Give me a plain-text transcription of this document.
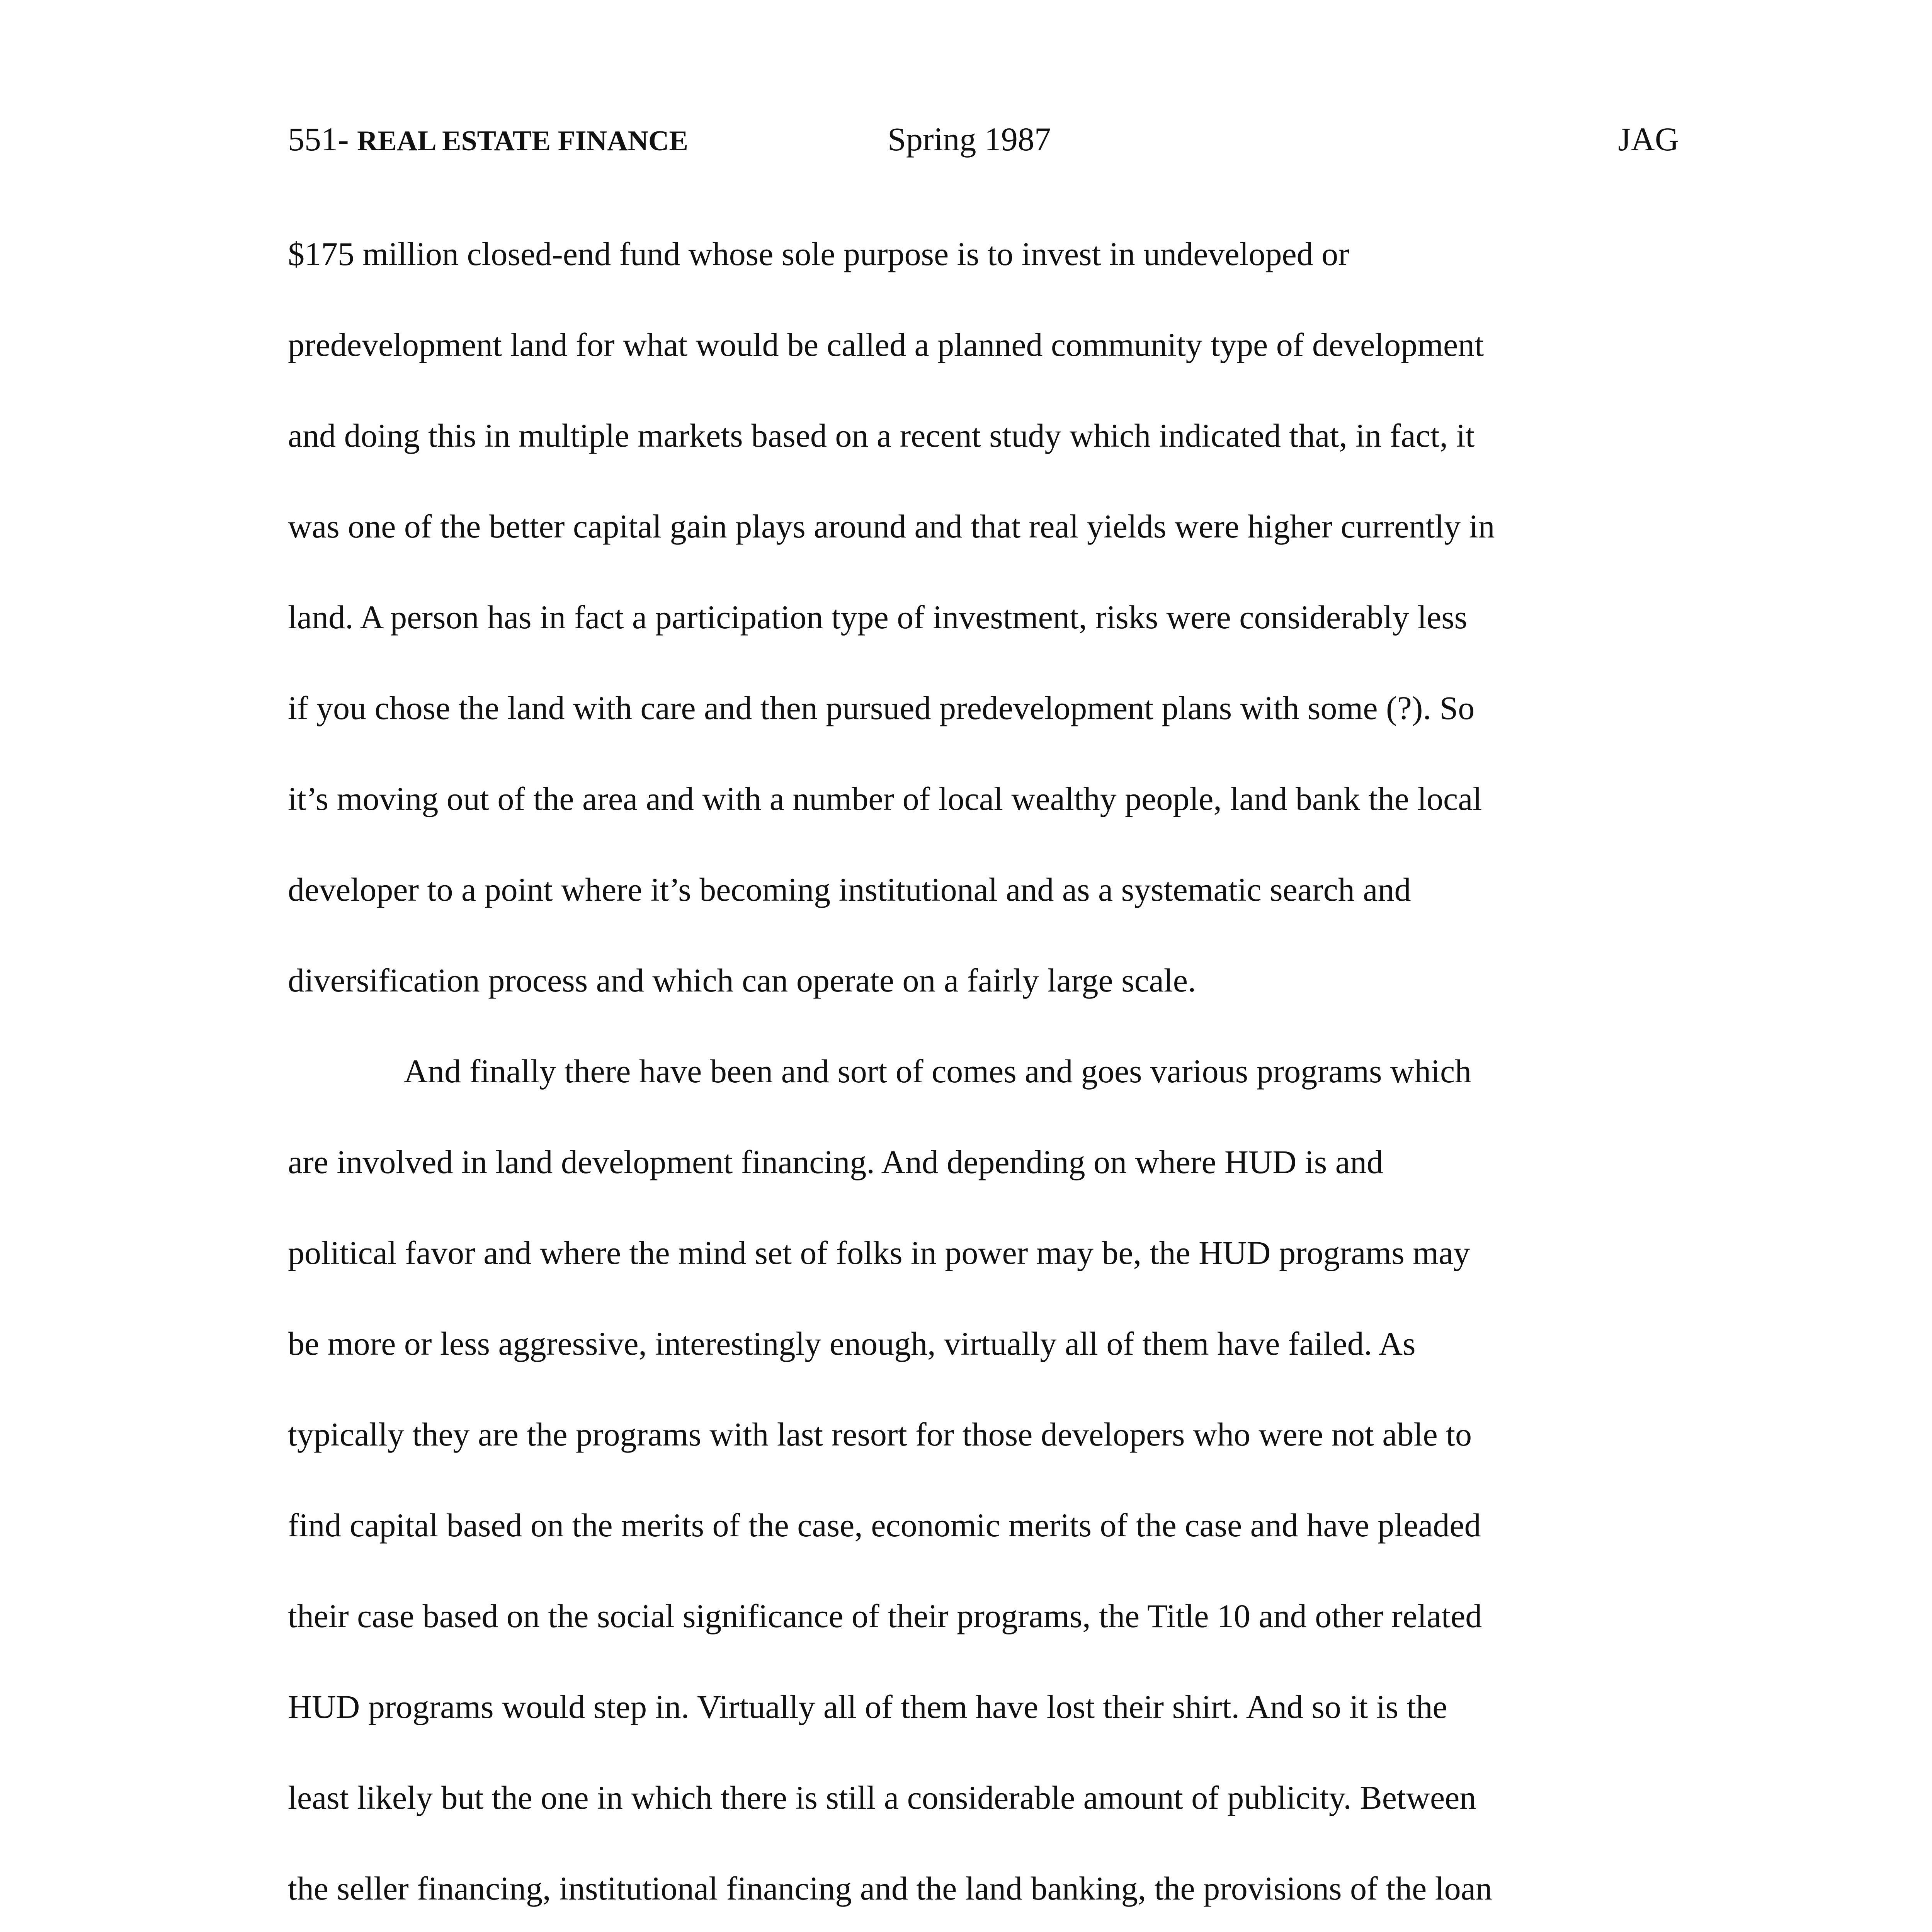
551- REAL ESTATE FINANCE	Spring 1987	JAG
$175 million closed-end fund whose sole purpose is to invest in undeveloped or
predevelopment land for what would be called a planned community type of development
and doing this in multiple markets based on a recent study which indicated that, in fact, it
was one of the better capital gain plays around and that real yields were higher currently in
land. A person has in fact a participation type of investment, risks were considerably less
if you chose the land with care and then pursued predevelopment plans with some (?). So
it’s moving out of the area and with a number of local wealthy people, land bank the local
developer to a point where it’s becoming institutional and as a systematic search and
diversification process and which can operate on a fairly large scale.
And finally there have been and sort of comes and goes various programs which
are involved in land development financing. And depending on where HUD is and
political favor and where the mind set of folks in power may be, the HUD programs may
be more or less aggressive, interestingly enough, virtually all of them have failed. As
typically they are the programs with last resort for those developers who were not able to
find capital based on the merits of the case, economic merits of the case and have pleaded
their case based on the social significance of their programs, the Title 10 and other related
HUD programs would step in. Virtually all of them have lost their shirt. And so it is the
least likely but the one in which there is still a considerable amount of publicity. Between
the seller financing, institutional financing and the land banking, the provisions of the loan
